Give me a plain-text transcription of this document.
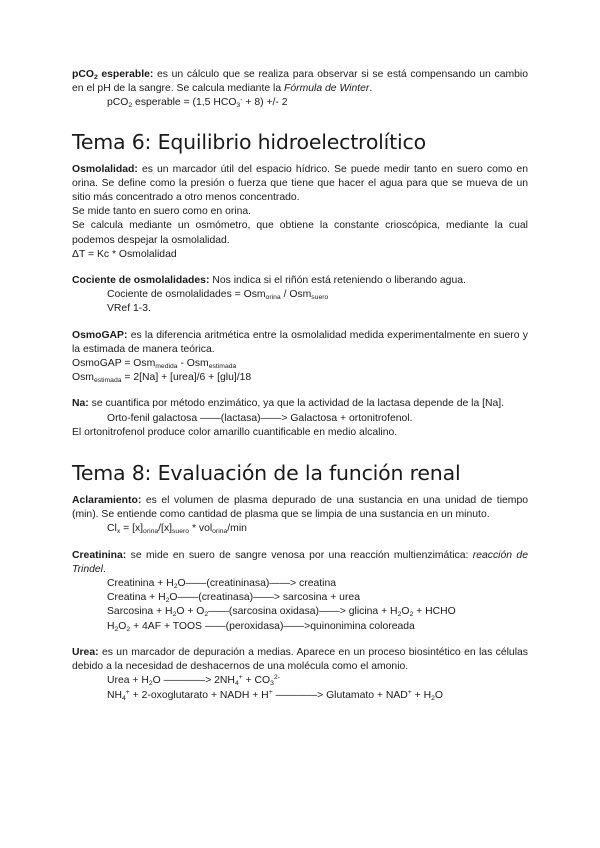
pCO$_2$ esperable: es un cálculo que se realiza para observar si se está compensando un cambio en el pH de la sangre. Se calcula mediante la Fórmula de Winter.

pCO$_2$ esperable = (1,5 $HCO_3^- + 8$) +/- 2

Tema 6: Equilibrio hidroelectrolítico

Osmolalidad: es un marcador útil del espacio hídrico. Se puede medir tanto en suero como en orina. Se define como la presión o fuerza que tiene que hacer el agua para que se mueva de un sitio más concentrado a otro menos concentrado.

Se mide tanto en suero como en orina.

Se calcula mediante un osmómetro, que obtiene la constante crioscópica, mediante la cual podemos despejar la osmolalidad.

ΔT = Kc * Osmolalidad

Cociente de osmolalidades: Nos indica si el riñón está reteniendo o liberando agua.

Cociente de osmolalidades = Osm$_{orina}$ / Osm$_{suero}$

VRef 1-3.

OsmoGAP: es la diferencia aritmética entre la osmolalidad medida experimentalmente en suero y la estimada de manera teórica.

OsmoGAP = Osm$_{medida}$ - Osm$_{estimada}$

Osm$_{estimada}$ = 2[Na] + [urea]/6 + [glu]/18

Na: se cuantifica por método enzimático, ya que la actividad de la lactasa depende de la [Na].

Orto-fenil galactosa ——(lactasa)——> Galactosa + ortonitrofenol.

El ortonitrofenol produce color amarillo cuantificable en medio alcalino.

Tema 8: Evaluación de la función renal

Aclaramiento: es el volumen de plasma depurado de una sustancia en una unidad de tiempo (min). Se entiende como cantidad de plasma que se limpia de una sustancia en un minuto.

$Cl_x = [x]_{orina}/[x]_{suero} * vol_{orina}/\min$

Creatinina: se mide en suero de sangre venosa por una reacción multienzimática: reacción de Trindel.

Creatinina + $H_2O——(creatininasa)——>$ creatina

Creatina + $H_2O——(creatinasa)——>$ sarcosina + urea

Sarcosina + $H_2O$ + $O_2——(sarcosina$ oxidasa)——> glicina + $H_2O_2$ + HCHO

$H_2O_2 + 4AF$ + TOOS ——(peroxidasa)——>quinonimina coloreada

Urea: es un marcador de depuración a medias. Aparece en un proceso biosintético en las células debido a la necesidad de deshacernos de una molécula como el amonio.

Urea + $H_2O$ ————> $2NH_4^+ + CO_3^{2-}$

$NH_4^+$ + 2-oxoglutarato + NADH + H+ ————> Glutamato + $NAD^+ + H_2O$
